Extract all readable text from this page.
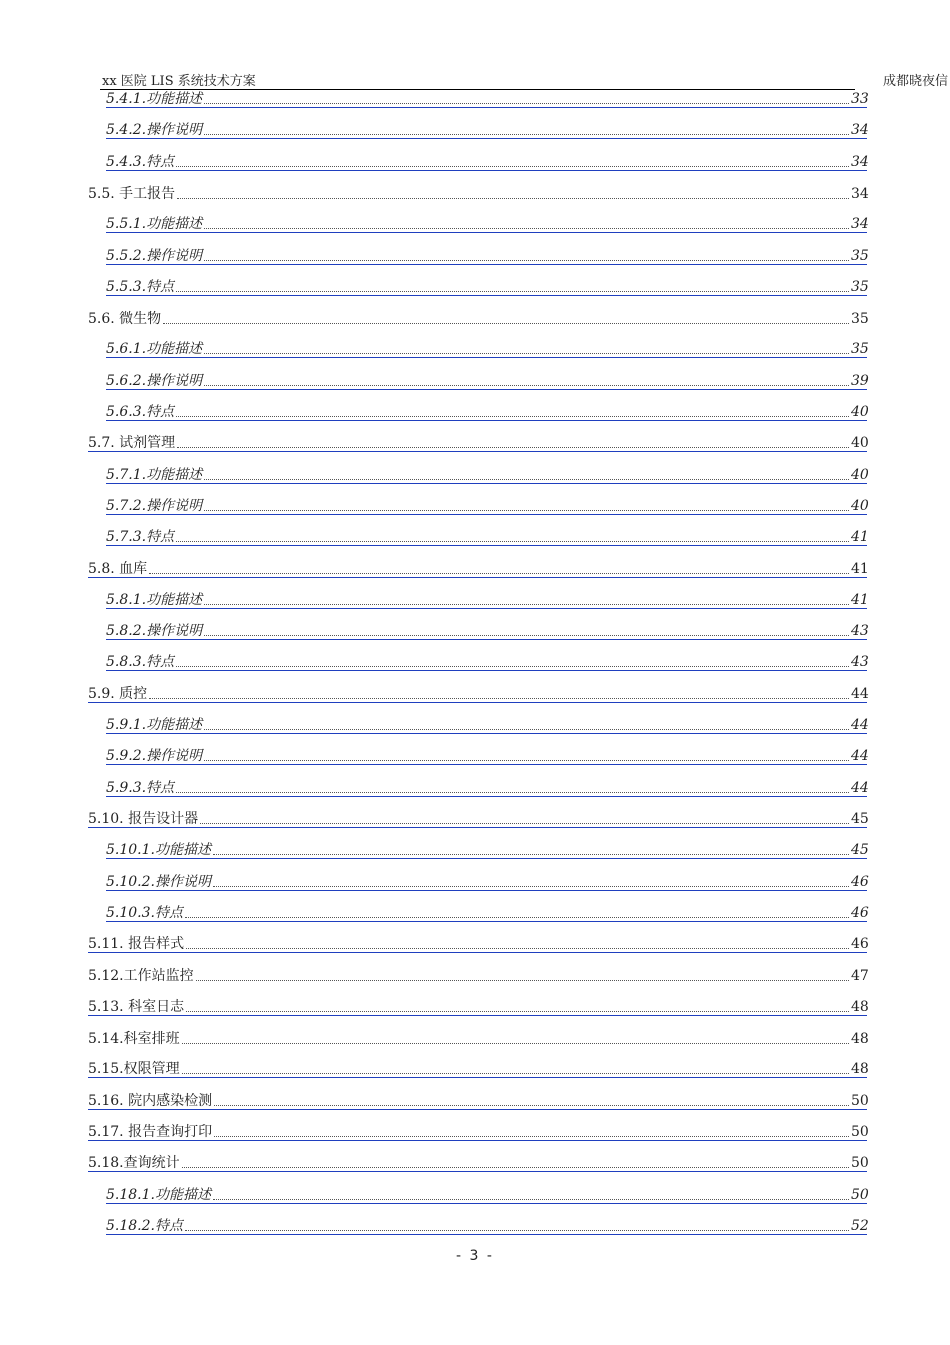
xx 医院 LIS 系统技术方案	成都晓夜信
5.4.1.功能描述	33
5.4.2.操作说明	34
5.4.3.特点	34
5.5. 手工报告	34
5.5.1.功能描述	34
5.5.2.操作说明	35
5.5.3.特点	35
5.6. 微生物	35
5.6.1.功能描述	35
5.6.2.操作说明	39
5.6.3.特点	40
5.7. 试剂管理	40
5.7.1.功能描述	40
5.7.2.操作说明	40
5.7.3.特点	41
5.8. 血库	41
5.8.1.功能描述	41
5.8.2.操作说明	43
5.8.3.特点	43
5.9. 质控	44
5.9.1.功能描述	44
5.9.2.操作说明	44
5.9.3.特点	44
5.10. 报告设计器	45
5.10.1.功能描述	45
5.10.2.操作说明	46
5.10.3.特点	46
5.11. 报告样式	46
5.12.工作站监控	47
5.13. 科室日志	48
5.14.科室排班	48
5.15.权限管理	48
5.16. 院内感染检测	50
5.17. 报告查询打印	50
5.18.查询统计	50
5.18.1.功能描述	50
5.18.2.特点	52
- 3 -
